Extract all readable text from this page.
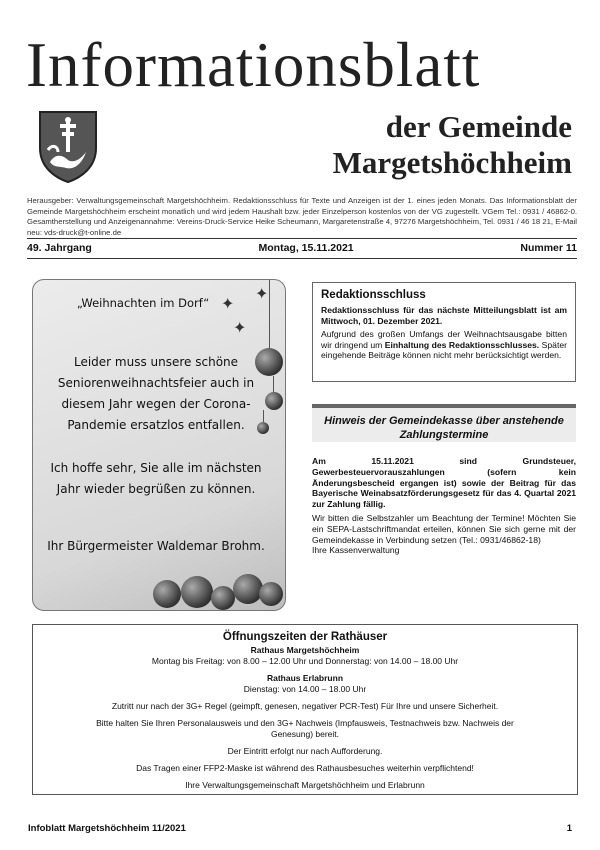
Informationsblatt
der Gemeinde
Margetshöchheim
Herausgeber: Verwaltungsgemeinschaft Margetshöchheim. Redaktionsschluss für Texte und Anzeigen ist der 1. eines jeden Monats. Das Informationsblatt der Gemeinde Margetshöchheim erscheint monatlich und wird jedem Haushalt bzw. jeder Einzelperson kostenlos von der VG zugestellt. VGem Tel.: 0931 / 46862-0. Gesamtherstellung und Anzeigenannahme: Vereins-Druck-Service Heike Scheumann, Margaretenstraße 4, 97276 Margetshöchheim, Tel. 0931 / 46 18 21, E-Mail neu: vds-druck@t-online.de
49. Jahrgang	Montag, 15.11.2021	Nummer 11

„Weihnachten im Dorf“

Leider muss unsere schöne Seniorenweihnachtsfeier auch in diesem Jahr wegen der Corona-Pandemie ersatzlos entfallen.

Ich hoffe sehr, Sie alle im nächsten Jahr wieder begrüßen zu können.

Ihr Bürgermeister Waldemar Brohm.

✦
✦
✦
Redaktionsschluss

Redaktionsschluss für das nächste Mitteilungsblatt ist am Mittwoch, 01. Dezember 2021.

Aufgrund des großen Umfangs der Weihnachtsausgabe bitten wir dringend um Einhaltung des Redaktionsschlusses. Später eingehende Beiträge können nicht mehr berücksichtigt werden.

Hinweis der Gemeindekasse über anstehende Zahlungstermine

Am 15.11.2021 sind Grundsteuer, Gewerbesteuervorauszahlungen (sofern kein Änderungsbescheid ergangen ist) sowie der Beitrag für das Bayerische Weinabsatzförderungsgesetz für das 4. Quartal 2021 zur Zahlung fällig.

Wir bitten die Selbstzahler um Beachtung der Termine! Möchten Sie ein SEPA-Lastschriftmandat erteilen, können Sie sich gerne mit der Gemeindekasse in Verbindung setzen (Tel.: 0931/46862-18)

Ihre Kassenverwaltung

Öffnungszeiten der Rathäuser
Rathaus Margetshöchheim
Montag bis Freitag: von 8.00 – 12.00 Uhr und Donnerstag: von 14.00 – 18.00 Uhr
Rathaus Erlabrunn
Dienstag: von 14.00 – 18.00 Uhr
Zutritt nur nach der 3G+ Regel (geimpft, genesen, negativer PCR-Test) Für Ihre und unsere Sicherheit.
Bitte halten Sie Ihren Personalausweis und den 3G+ Nachweis (Impfausweis, Testnachweis bzw. Nachweis der Genesung) bereit.
Der Eintritt erfolgt nur nach Aufforderung.
Das Tragen einer FFP2-Maske ist während des Rathausbesuches weiterhin verpflichtend!
Ihre Verwaltungsgemeinschaft Margetshöchheim und Erlabrunn
Infoblatt Margetshöchheim 11/2021	1
